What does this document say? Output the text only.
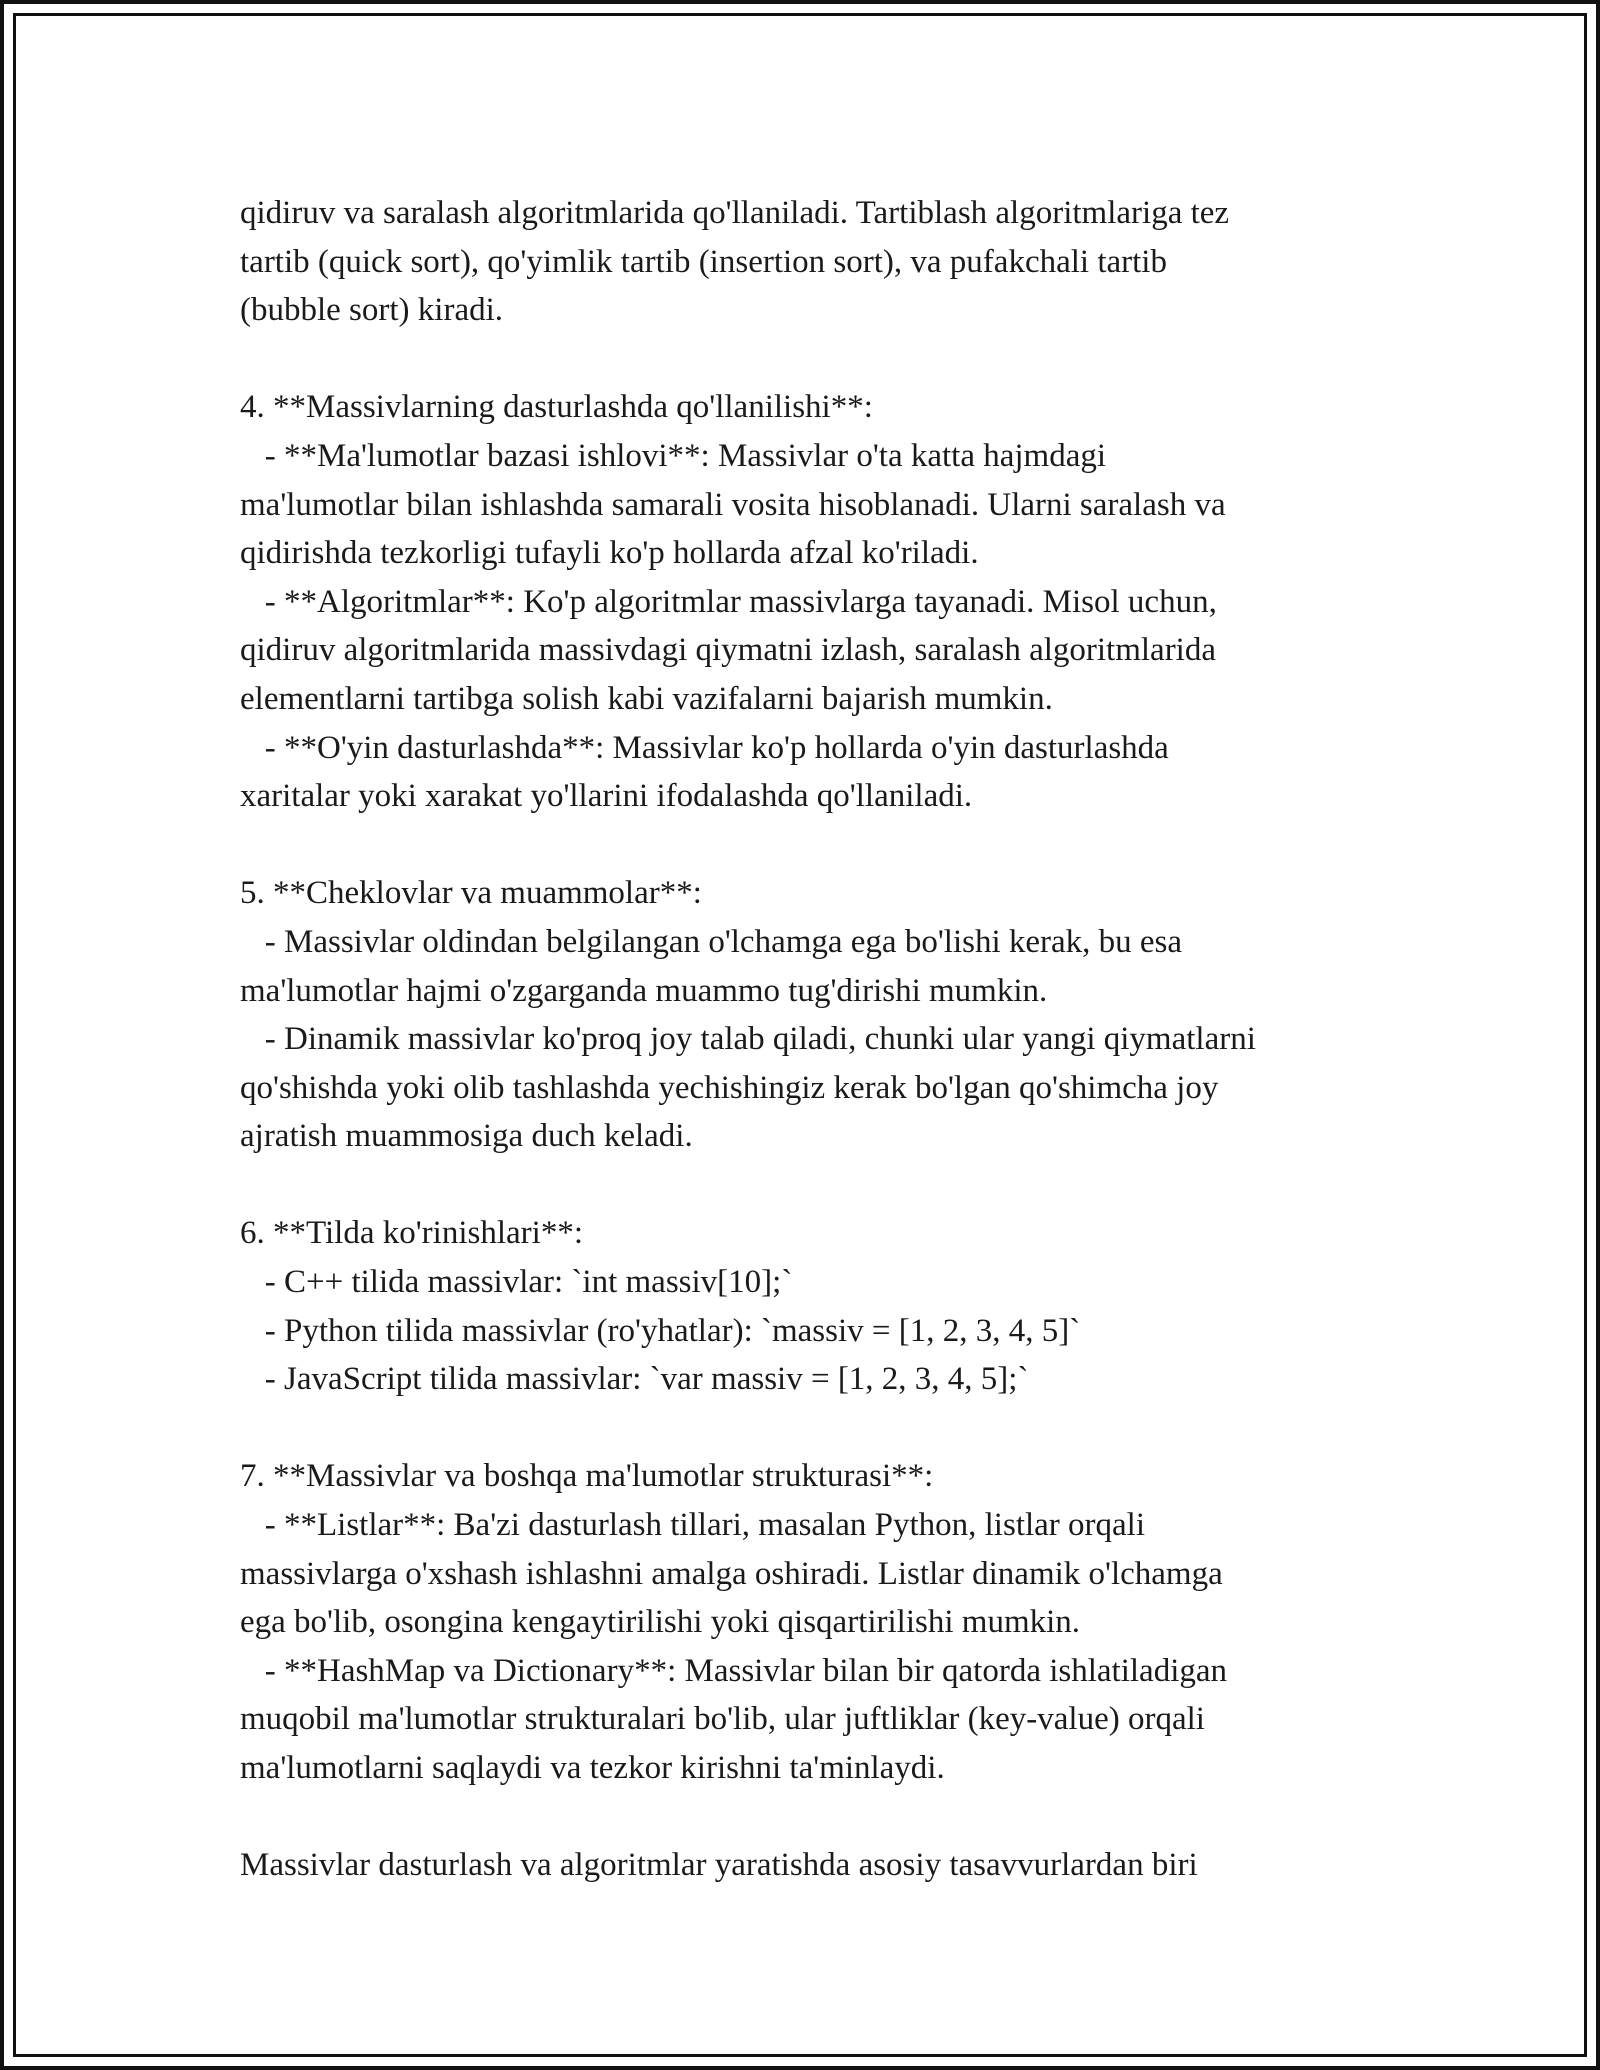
qidiruv va saralash algoritmlarida qo'llaniladi. Tartiblash algoritmlariga tez
tartib (quick sort), qo'yimlik tartib (insertion sort), va pufakchali tartib
(bubble sort) kiradi.
4. **Massivlarning dasturlashda qo'llanilishi**:
- **Ma'lumotlar bazasi ishlovi**: Massivlar o'ta katta hajmdagi
ma'lumotlar bilan ishlashda samarali vosita hisoblanadi. Ularni saralash va
qidirishda tezkorligi tufayli ko'p hollarda afzal ko'riladi.
- **Algoritmlar**: Ko'p algoritmlar massivlarga tayanadi. Misol uchun,
qidiruv algoritmlarida massivdagi qiymatni izlash, saralash algoritmlarida
elementlarni tartibga solish kabi vazifalarni bajarish mumkin.
- **O'yin dasturlashda**: Massivlar ko'p hollarda o'yin dasturlashda
xaritalar yoki xarakat yo'llarini ifodalashda qo'llaniladi.
5. **Cheklovlar va muammolar**:
- Massivlar oldindan belgilangan o'lchamga ega bo'lishi kerak, bu esa
ma'lumotlar hajmi o'zgarganda muammo tug'dirishi mumkin.
- Dinamik massivlar ko'proq joy talab qiladi, chunki ular yangi qiymatlarni
qo'shishda yoki olib tashlashda yechishingiz kerak bo'lgan qo'shimcha joy
ajratish muammosiga duch keladi.
6. **Tilda ko'rinishlari**:
- C++ tilida massivlar: `int massiv[10];`
- Python tilida massivlar (ro'yhatlar): `massiv = [1, 2, 3, 4, 5]`
- JavaScript tilida massivlar: `var massiv = [1, 2, 3, 4, 5];`
7. **Massivlar va boshqa ma'lumotlar strukturasi**:
- **Listlar**: Ba'zi dasturlash tillari, masalan Python, listlar orqali
massivlarga o'xshash ishlashni amalga oshiradi. Listlar dinamik o'lchamga
ega bo'lib, osongina kengaytirilishi yoki qisqartirilishi mumkin.
- **HashMap va Dictionary**: Massivlar bilan bir qatorda ishlatiladigan
muqobil ma'lumotlar strukturalari bo'lib, ular juftliklar (key-value) orqali
ma'lumotlarni saqlaydi va tezkor kirishni ta'minlaydi.
Massivlar dasturlash va algoritmlar yaratishda asosiy tasavvurlardan biri
